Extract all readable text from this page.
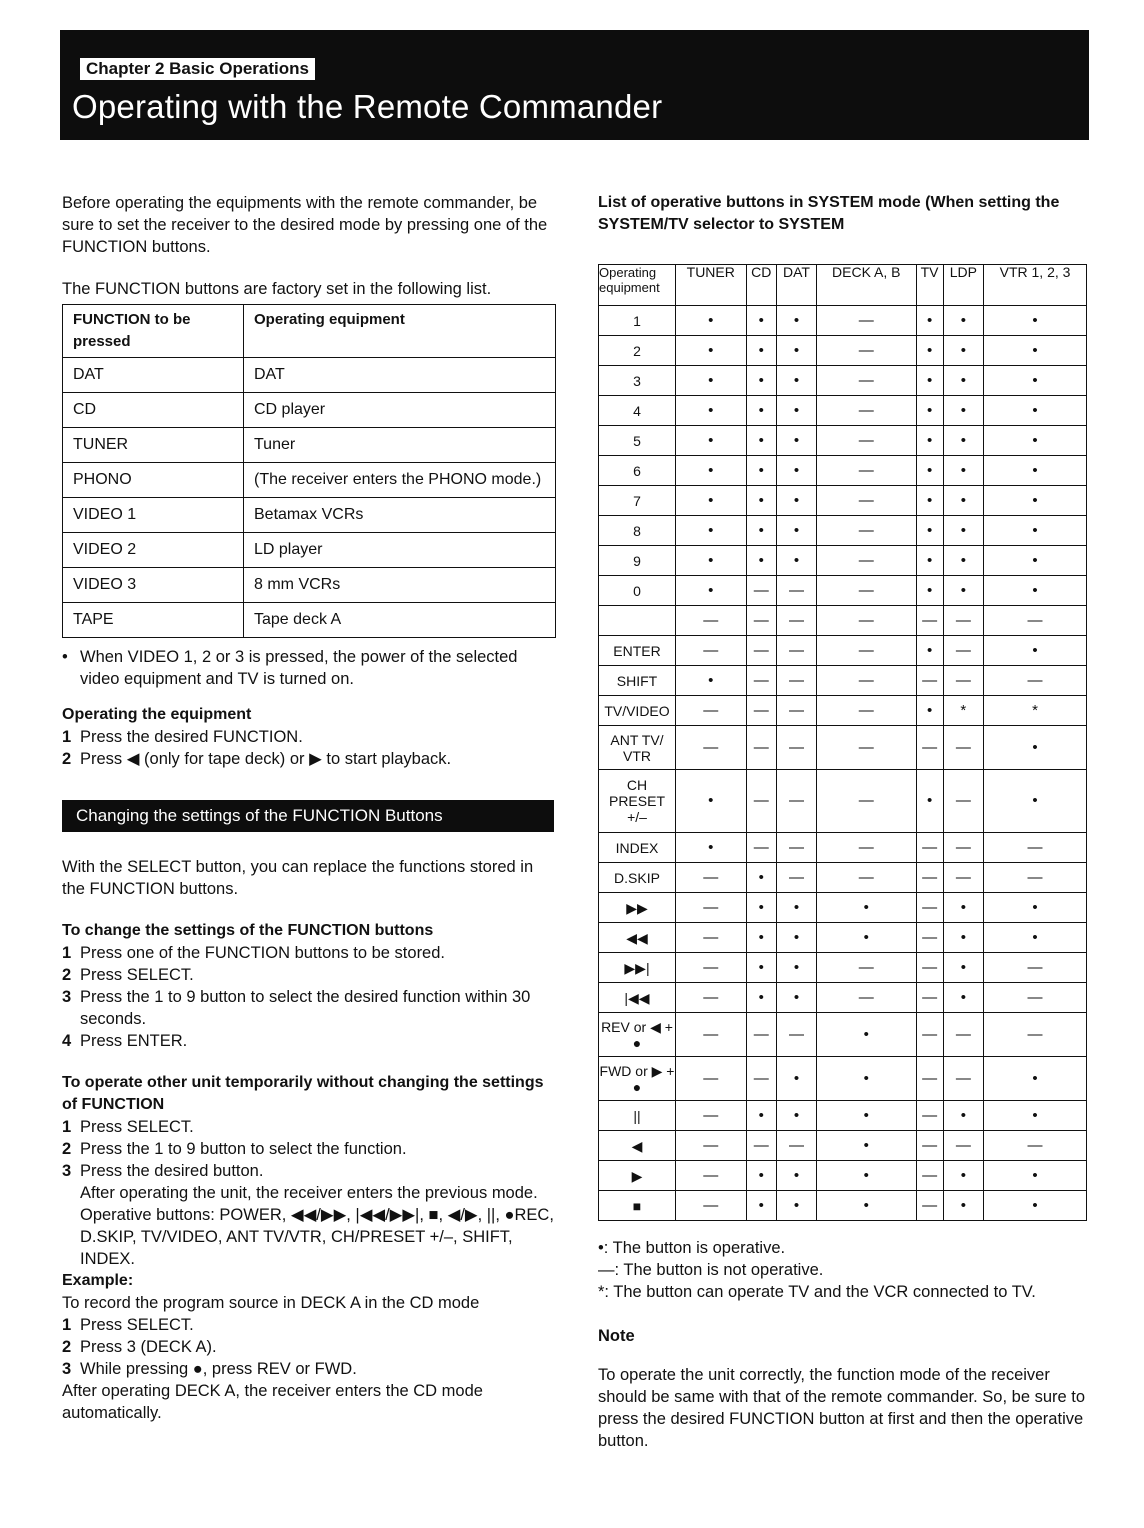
Chapter 2 Basic Operations
Operating with the Remote Commander

Before operating the equipments with the remote commander, be sure to set the receiver to the desired mode by pressing one of the FUNCTION buttons.

The FUNCTION buttons are factory set in the following list.

FUNCTION to be pressed	Operating equipment
DAT	DAT
CD	CD player
TUNER	Tuner
PHONO	(The receiver enters the PHONO mode.)
VIDEO 1	Betamax VCRs
VIDEO 2	LD player
VIDEO 3	8 mm VCRs
TAPE	Tape deck A
• When VIDEO 1, 2 or 3 is pressed, the power of the selected video equipment and TV is turned on.
Operating the equipment
1 Press the desired FUNCTION.
2 Press ◀ (only for tape deck) or ▶ to start playback.
Changing the settings of the FUNCTION Buttons

With the SELECT button, you can replace the functions stored in the FUNCTION buttons.

To change the settings of the FUNCTION buttons
1 Press one of the FUNCTION buttons to be stored.
2 Press SELECT.
3 Press the 1 to 9 button to select the desired function within 30 seconds.
4 Press ENTER.
To operate other unit temporarily without changing the settings of FUNCTION
1 Press SELECT.
2 Press the 1 to 9 button to select the function.
3 Press the desired button.

After operating the unit, the receiver enters the previous mode.

Operative buttons: POWER, ◀◀/▶▶, |◀◀/▶▶|, ■, ◀/▶, ||, ●REC, D.SKIP, TV/VIDEO, ANT TV/VTR, CH/PRESET +/–, SHIFT, INDEX.

Example:

To record the program source in DECK A in the CD mode

1 Press SELECT.
2 Press 3 (DECK A).
3 While pressing ●, press REV or FWD.

After operating DECK A, the receiver enters the CD mode automatically.

List of operative buttons in SYSTEM mode (When setting the SYSTEM/TV selector to SYSTEM

Operating equipment	TUNER	CD	DAT	DECK A, B	TV	LDP	VTR 1, 2, 3
1	•	•	•	—	•	•	•
2	•	•	•	—	•	•	•
3	•	•	•	—	•	•	•
4	•	•	•	—	•	•	•
5	•	•	•	—	•	•	•
6	•	•	•	—	•	•	•
7	•	•	•	—	•	•	•
8	•	•	•	—	•	•	•
9	•	•	•	—	•	•	•
0	•	—	—	—	•	•	•
	—	—	—	—	—	—	—
ENTER	—	—	—	—	•	—	•
SHIFT	•	—	—	—	—	—	—
TV/VIDEO	—	—	—	—	•	*	*
ANT TV/ VTR	—	—	—	—	—	—	•
CH PRESET +/–	•	—	—	—	•	—	•
INDEX	•	—	—	—	—	—	—
D.SKIP	—	•	—	—	—	—	—
▶▶	—	•	•	•	—	•	•
◀◀	—	•	•	•	—	•	•
▶▶|	—	•	•	—	—	•	—
|◀◀	—	•	•	—	—	•	—
REV or ◀ + ●	—	—	—	•	—	—	—
FWD or ▶ + ●	—	—	•	•	—	—	•
||	—	•	•	•	—	•	•
◀	—	—	—	•	—	—	—
▶	—	•	•	•	—	•	•
■	—	•	•	•	—	•	•

•: The button is operative.

—: The button is not operative.

*: The button can operate TV and the VCR connected to TV.

Note

To operate the unit correctly, the function mode of the receiver should be same with that of the remote commander. So, be sure to press the desired FUNCTION button at first and then the operative button.
